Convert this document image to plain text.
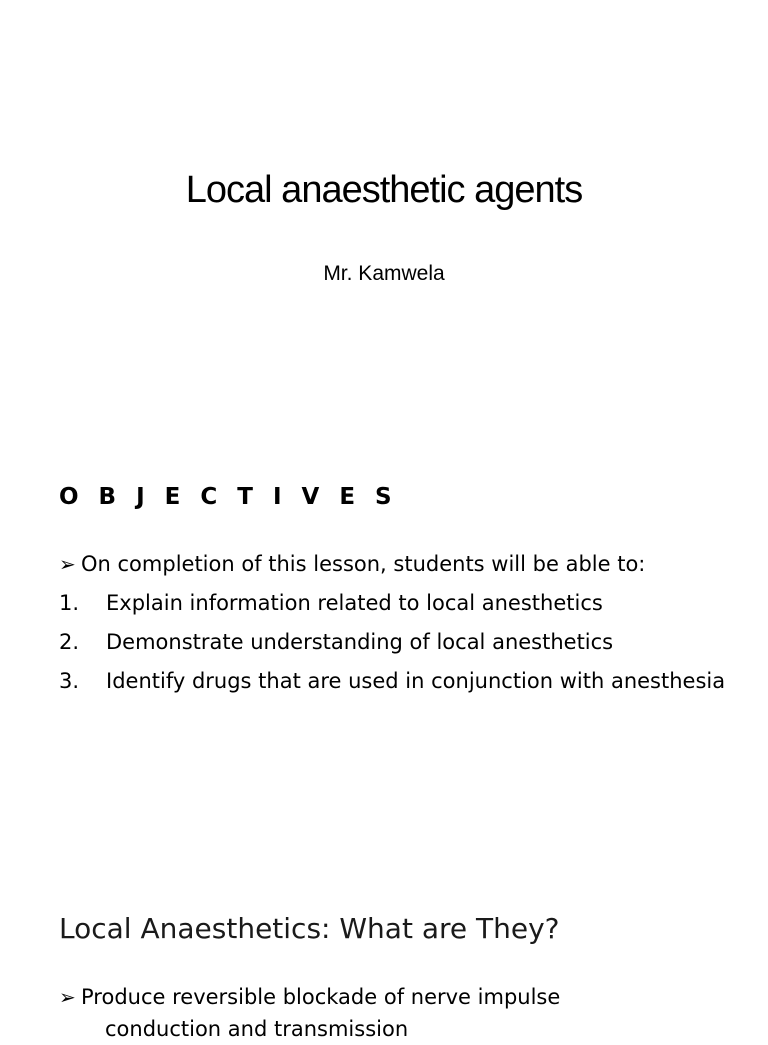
Local anaesthetic agents
Mr. Kamwela
O B J E C T I V E S
➢ On completion of this lesson, students will be able to:
1.	Explain information related to local anesthetics
2.	Demonstrate understanding of local anesthetics
3.	Identify drugs that are used in conjunction with anesthesia
Local Anaesthetics: What are They?
➢ Produce reversible blockade of nerve impulse
conduction and transmission
